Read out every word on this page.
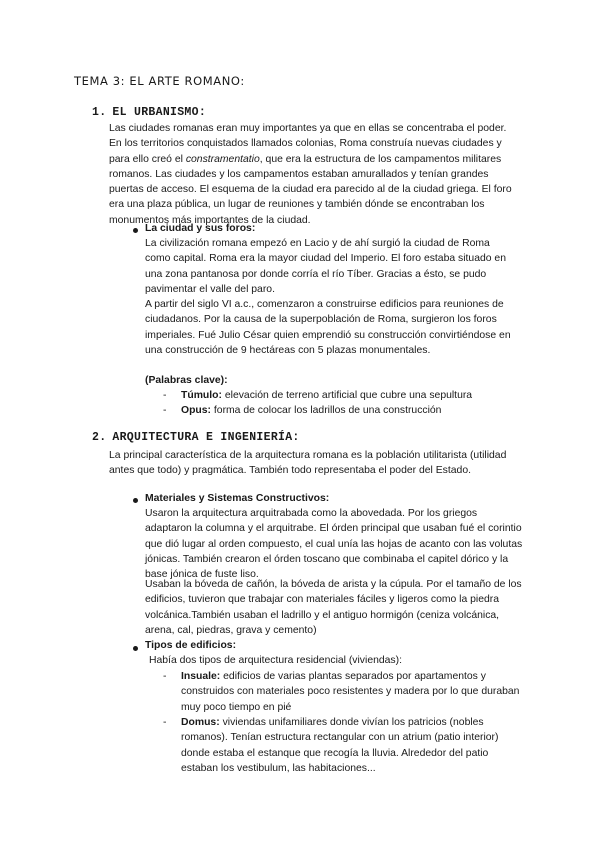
TEMA 3: EL ARTE ROMANO:
1. EL URBANISMO:

Las ciudades romanas eran muy importantes ya que en ellas se concentraba el poder. En los territorios conquistados llamados colonias, Roma construía nuevas ciudades y para ello creó el constramentatio, que era la estructura de los campamentos militares romanos. Las ciudades y los campamentos estaban amurallados y tenían grandes puertas de acceso. El esquema de la ciudad era parecido al de la ciudad griega. El foro era una plaza pública, un lugar de reuniones y también dónde se encontraban los monumentos más importantes de la ciudad.

La ciudad y sus foros:

La civilización romana empezó en Lacio y de ahí surgió la ciudad de Roma como capital. Roma era la mayor ciudad del Imperio. El foro estaba situado en una zona pantanosa por donde corría el río Tíber. Gracias a ésto, se pudo pavimentar el valle del paro.

A partir del siglo VI a.c., comenzaron a construirse edificios para reuniones de ciudadanos. Por la causa de la superpoblación de Roma, surgieron los foros imperiales. Fué Julio César quien emprendió su construcción convirtiéndose en una construcción de 9 hectáreas con 5 plazas monumentales.

(Palabras clave):

- Túmulo: elevación de terreno artificial que cubre una sepultura

- Opus: forma de colocar los ladrillos de una construcción

2. ARQUITECTURA E INGENIERÍA:

La principal característica de la arquitectura romana es la población utilitarista (utilidad antes que todo) y pragmática. También todo representaba el poder del Estado.

Materiales y Sistemas Constructivos:

Usaron la arquitectura arquitrabada como la abovedada. Por los griegos adaptaron la columna y el arquitrabe. El órden principal que usaban fué el corintio que dió lugar al orden compuesto, el cual unía las hojas de acanto con las volutas jónicas. También crearon el órden toscano que combinaba el capitel dórico y la base jónica de fuste liso.

Usaban la bóveda de cañón, la bóveda de arista y la cúpula. Por el tamaño de los edificios, tuvieron que trabajar con materiales fáciles y ligeros como la piedra volcánica.También usaban el ladrillo y el antiguo hormigón (ceniza volcánica, arena, cal, piedras, grava y cemento)

Tipos de edificios:

Había dos tipos de arquitectura residencial (viviendas):

- Insuale: edificios de varias plantas separados por apartamentos y construidos con materiales poco resistentes y madera por lo que duraban muy poco tiempo en pié

- Domus: viviendas unifamiliares donde vivían los patricios (nobles romanos). Tenían estructura rectangular con un atrium (patio interior) donde estaba el estanque que recogía la lluvia. Alrededor del patio estaban los vestibulum, las habitaciones...
